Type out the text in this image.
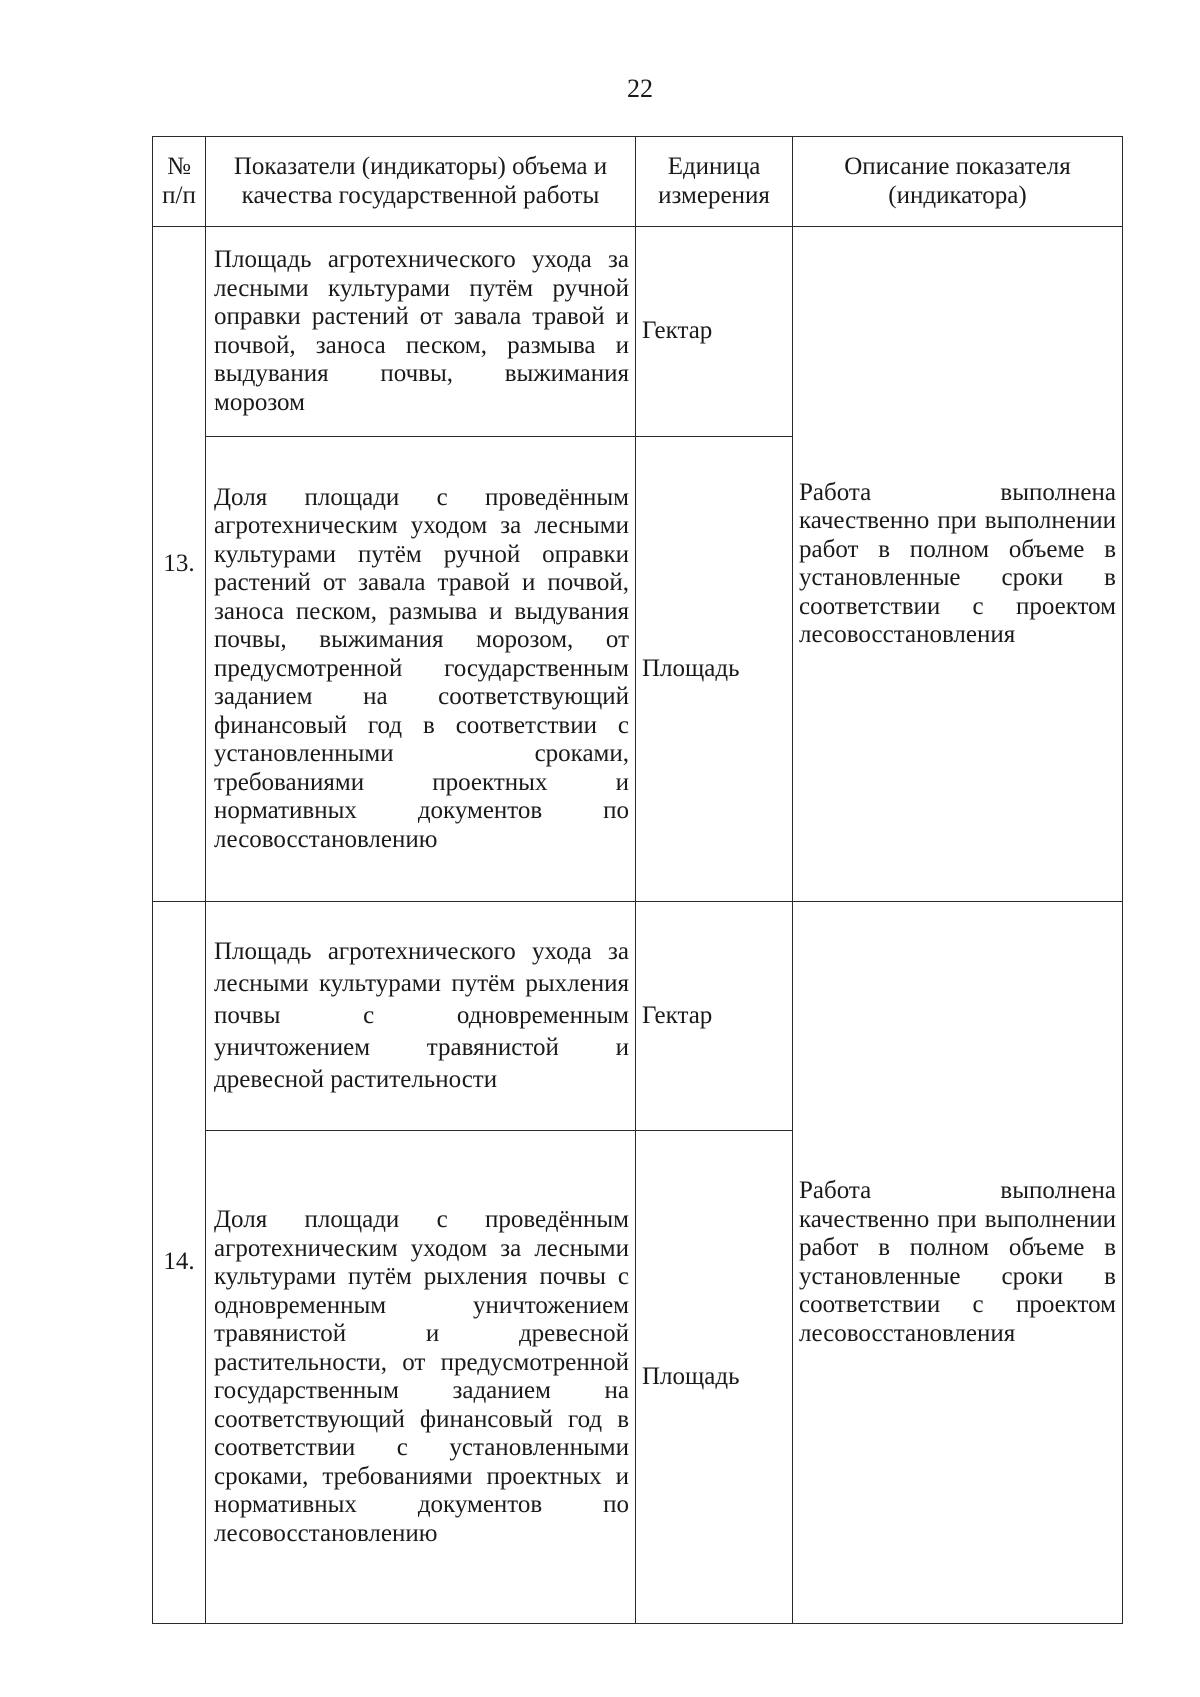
22
№ п/п	Показатели (индикаторы) объема и качества государственной работы	Единица измерения	Описание показателя (индикатора)
13.	Площадь агротехнического ухода за лесными культурами путём ручной оправки растений от завала травой и почвой, заноса песком, размыва и выдувания почвы, выжимания морозом	Гектар	Работа выполнена качественно при выполнении работ в полном объеме в установленные сроки в соответствии с проектом лесовосстановления
	Доля площади с проведённым агротехническим уходом за лесными культурами путём ручной оправки растений от завала травой и почвой, заноса песком, размыва и выдувания почвы, выжимания морозом, от предусмотренной государственным заданием на соответствующий финансовый год в соответствии с установленными сроками, требованиями проектных и нормативных документов по лесовосстановлению	Площадь	
14.	Площадь агротехнического ухода за лесными культурами путём рыхления почвы с одновременным уничтожением травянистой и древесной растительности	Гектар	Работа выполнена качественно при выполнении работ в полном объеме в установленные сроки в соответствии с проектом лесовосстановления
	Доля площади с проведённым агротехническим уходом за лесными культурами путём рыхления почвы с одновременным уничтожением травянистой и древесной растительности, от предусмотренной государственным заданием на соответствующий финансовый год в соответствии с установленными сроками, требованиями проектных и нормативных документов по лесовосстановлению	Площадь	
